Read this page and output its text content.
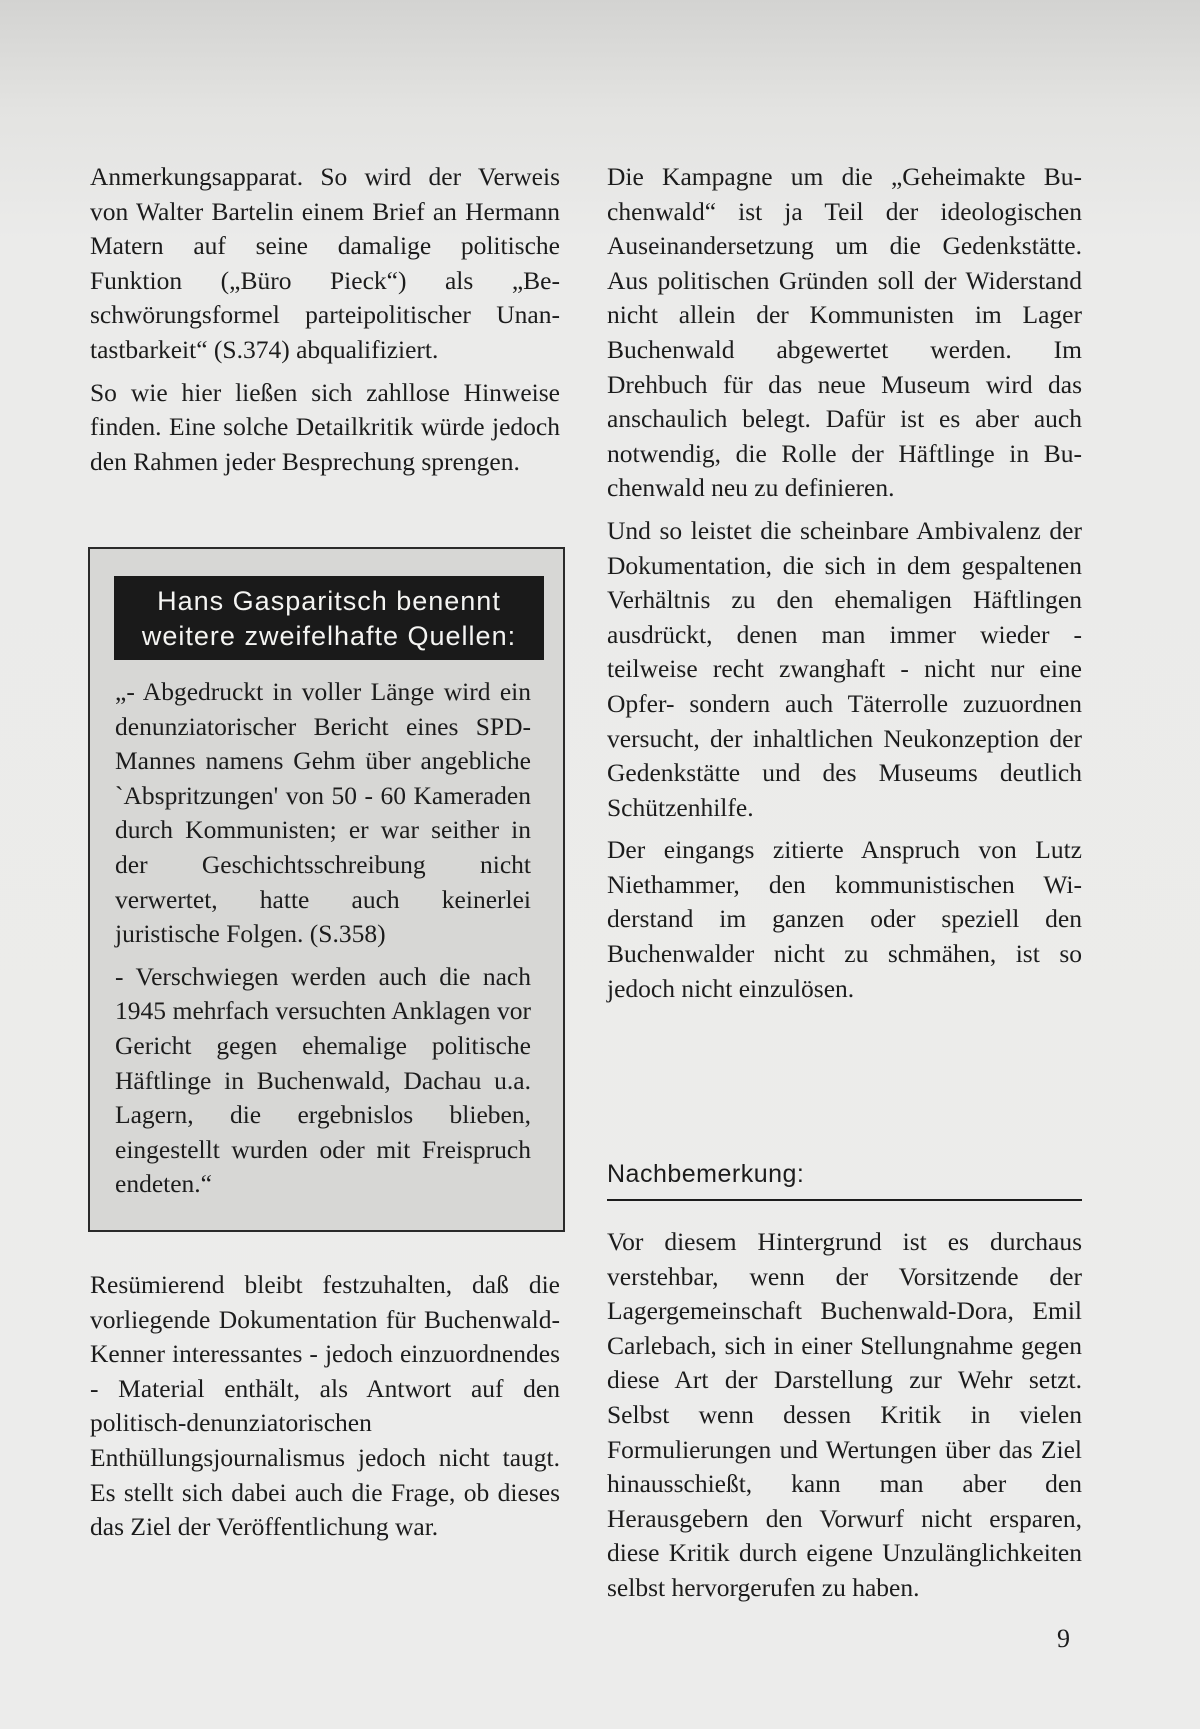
Anmerkungsapparat. So wird der Verweis von Walter Bartelin einem Brief an Hermann Matern auf seine damalige politische Funktion („Büro Pieck“) als „Beschwörungsformel parteipolitischer Unantastbarkeit“ (S.374) abqualifiziert.

So wie hier ließen sich zahllose Hinweise finden. Eine solche Detailkritik würde jedoch den Rahmen jeder Besprechung sprengen.

Hans Gasparitsch benennt
weitere zweifelhafte Quellen:

„- Abgedruckt in voller Länge wird ein denunziatorischer Bericht eines SPD-Mannes namens Gehm über angebliche `Abspritzungen' von 50 - 60 Kameraden durch Kommunisten; er war seither in der Geschichtsschreibung nicht verwertet, hatte auch keinerlei juristische Folgen. (S.358)

- Verschwiegen werden auch die nach 1945 mehrfach versuchten Anklagen vor Gericht gegen ehemalige politische Häftlinge in Buchenwald, Dachau u.a. Lagern, die ergebnislos blieben, eingestellt wurden oder mit Freispruch endeten.“

Resümierend bleibt festzuhalten, daß die vorliegende Dokumentation für Buchenwald-Kenner interessantes - jedoch einzuordnendes - Material enthält, als Antwort auf den politisch-denunziatorischen Enthüllungsjournalismus jedoch nicht taugt. Es stellt sich dabei auch die Frage, ob dieses das Ziel der Veröffentlichung war.

Die Kampagne um die „Geheimakte Buchenwald“ ist ja Teil der ideologischen Auseinandersetzung um die Gedenkstätte. Aus politischen Gründen soll der Widerstand nicht allein der Kommunisten im Lager Buchenwald abgewertet werden. Im Drehbuch für das neue Museum wird das anschaulich belegt. Dafür ist es aber auch notwendig, die Rolle der Häftlinge in Buchenwald neu zu definieren.

Und so leistet die scheinbare Ambivalenz der Dokumentation, die sich in dem gespaltenen Verhältnis zu den ehemaligen Häftlingen ausdrückt, denen man immer wieder - teilweise recht zwanghaft - nicht nur eine Opfer- sondern auch Täterrolle zuzuordnen versucht, der inhaltlichen Neukonzeption der Gedenkstätte und des Museums deutlich Schützenhilfe.

Der eingangs zitierte Anspruch von Lutz Niethammer, den kommunistischen Widerstand im ganzen oder speziell den Buchenwalder nicht zu schmähen, ist so jedoch nicht einzulösen.

Nachbemerkung:

Vor diesem Hintergrund ist es durchaus verstehbar, wenn der Vorsitzende der Lagergemeinschaft Buchenwald-Dora, Emil Carlebach, sich in einer Stellungnahme gegen diese Art der Darstellung zur Wehr setzt. Selbst wenn dessen Kritik in vielen Formulierungen und Wertungen über das Ziel hinausschießt, kann man aber den Herausgebern den Vorwurf nicht ersparen, diese Kritik durch eigene Unzulänglichkeiten selbst hervorgerufen zu haben.

9
